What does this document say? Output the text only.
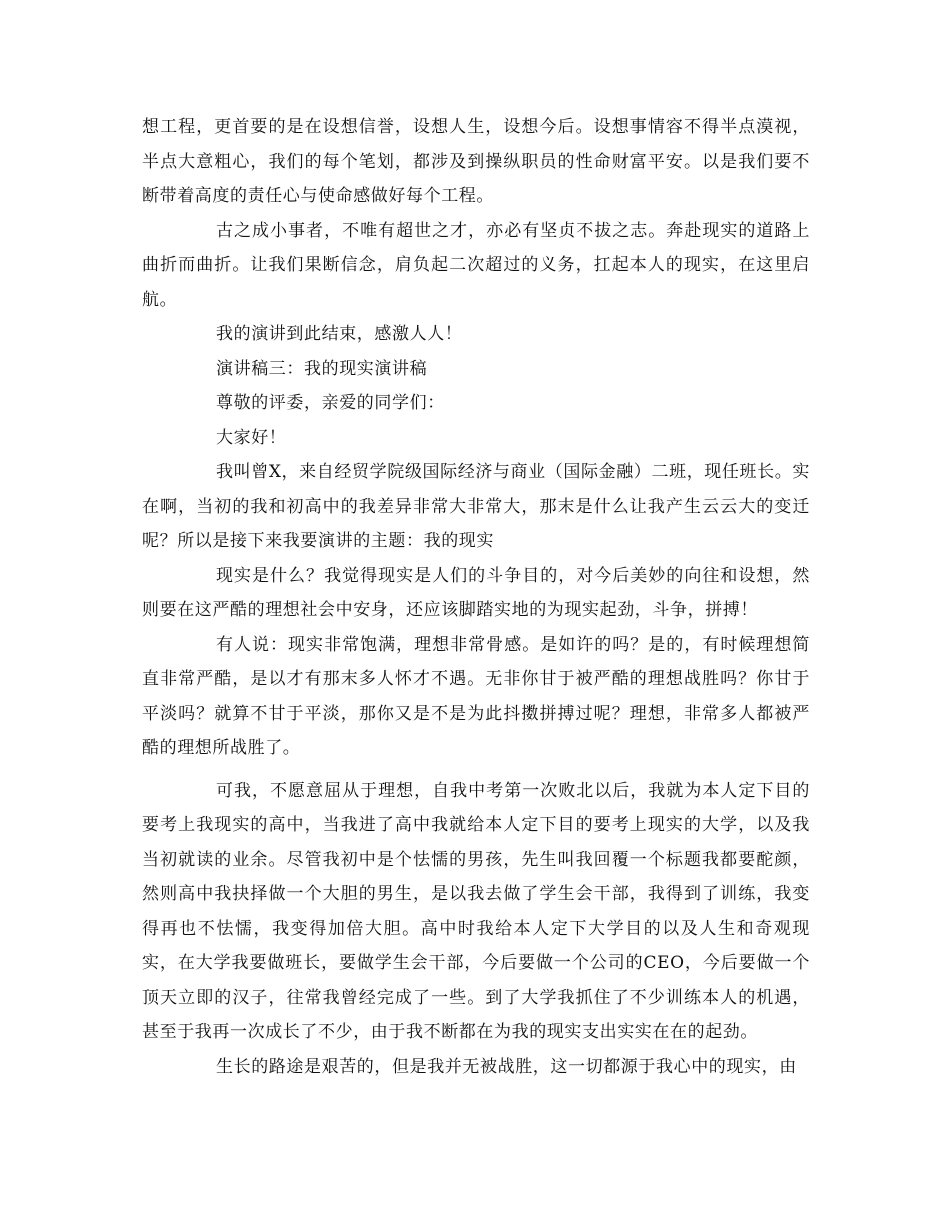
想工程，更首要的是在设想信誉，设想人生，设想今后。设想事情容不得半点漠视，半点大意粗心，我们的每个笔划，都涉及到操纵职员的性命财富平安。以是我们要不断带着高度的责任心与使命感做好每个工程。

古之成小事者，不唯有超世之才，亦必有坚贞不拔之志。奔赴现实的道路上曲折而曲折。让我们果断信念，肩负起二次超过的义务，扛起本人的现实，在这里启航。

我的演讲到此结束，感激人人！

演讲稿三：我的现实演讲稿

尊敬的评委，亲爱的同学们：

大家好！

我叫曾X，来自经贸学院级国际经济与商业（国际金融）二班，现任班长。实在啊，当初的我和初高中的我差异非常大非常大，那末是什么让我产生云云大的变迁呢？所以是接下来我要演讲的主题：我的现实

现实是什么？我觉得现实是人们的斗争目的，对今后美妙的向往和设想，然则要在这严酷的理想社会中安身，还应该脚踏实地的为现实起劲，斗争，拼搏！

有人说：现实非常饱满，理想非常骨感。是如许的吗？是的，有时候理想简直非常严酷，是以才有那末多人怀才不遇。无非你甘于被严酷的理想战胜吗？你甘于平淡吗？就算不甘于平淡，那你又是不是为此抖擞拼搏过呢？理想，非常多人都被严酷的理想所战胜了。

可我，不愿意屈从于理想，自我中考第一次败北以后，我就为本人定下目的要考上我现实的高中，当我进了高中我就给本人定下目的要考上现实的大学，以及我当初就读的业余。尽管我初中是个怯懦的男孩，先生叫我回覆一个标题我都要酡颜，然则高中我抉择做一个大胆的男生，是以我去做了学生会干部，我得到了训练，我变得再也不怯懦，我变得加倍大胆。高中时我给本人定下大学目的以及人生和奇观现实，在大学我要做班长，要做学生会干部，今后要做一个公司的CEO，今后要做一个顶天立即的汉子，往常我曾经完成了一些。到了大学我抓住了不少训练本人的机遇，甚至于我再一次成长了不少，由于我不断都在为我的现实支出实实在在的起劲。

生长的路途是艰苦的，但是我并无被战胜，这一切都源于我心中的现实，由
